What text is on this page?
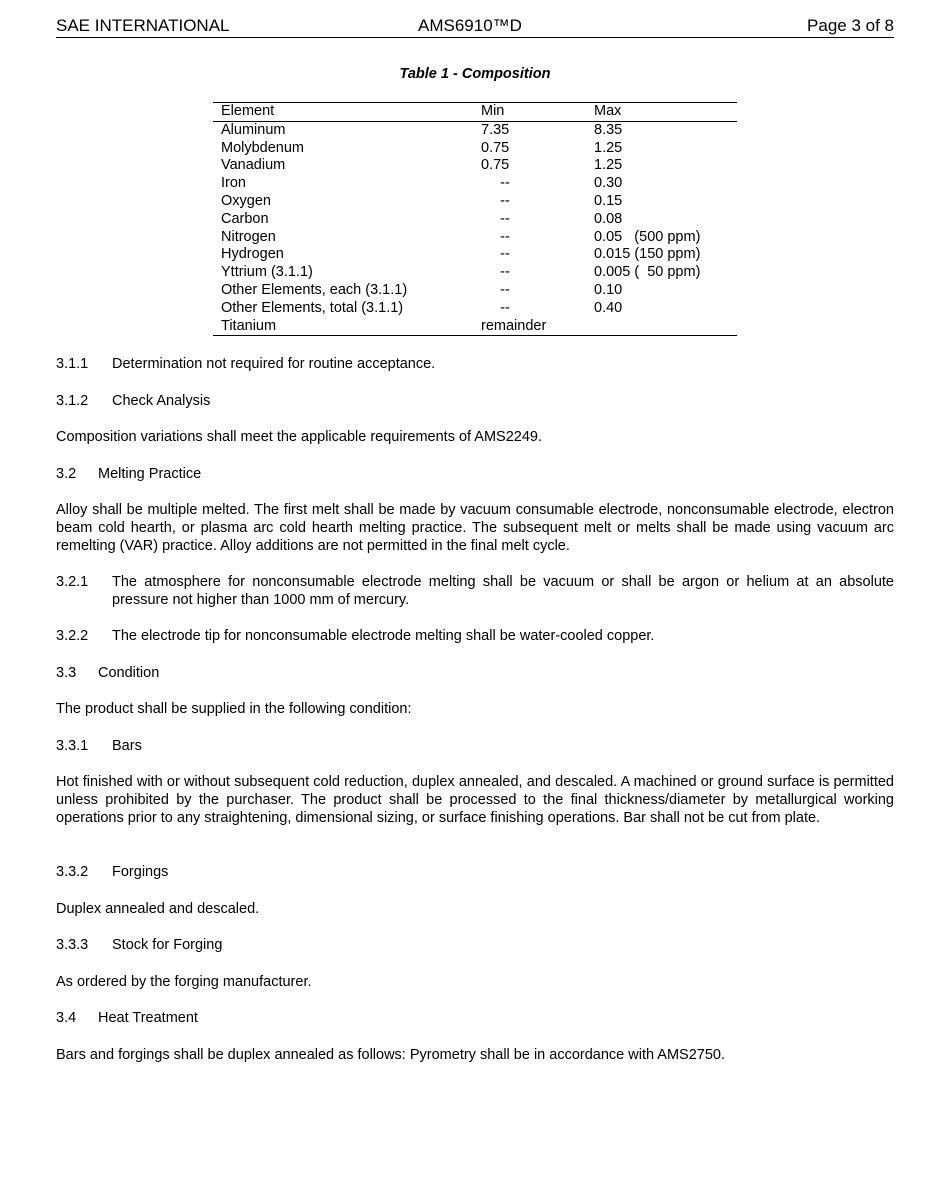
SAE INTERNATIONAL	AMS6910™D	Page 3 of 8
Table 1 - Composition
Element	Min	Max
Aluminum	7.35	8.35
Molybdenum	0.75	1.25
Vanadium	0.75	1.25
Iron	--	0.30
Oxygen	--	0.15
Carbon	--	0.08
Nitrogen	--	0.05   (500 ppm)
Hydrogen	--	0.015 (150 ppm)
Yttrium (3.1.1)	--	0.005 (  50 ppm)
Other Elements, each (3.1.1)	--	0.10
Other Elements, total (3.1.1)	--	0.40
Titanium	remainder
3.1.1 Determination not required for routine acceptance.
3.1.2 Check Analysis

Composition variations shall meet the applicable requirements of AMS2249.

3.2 Melting Practice

Alloy shall be multiple melted. The first melt shall be made by vacuum consumable electrode, nonconsumable electrode, electron beam cold hearth, or plasma arc cold hearth melting practice. The subsequent melt or melts shall be made using vacuum arc remelting (VAR) practice. Alloy additions are not permitted in the final melt cycle.

3.2.1 The atmosphere for nonconsumable electrode melting shall be vacuum or shall be argon or helium at an absolute pressure not higher than 1000 mm of mercury.

3.2.2 The electrode tip for nonconsumable electrode melting shall be water-cooled copper.
3.3 Condition

The product shall be supplied in the following condition:

3.3.1 Bars

Hot finished with or without subsequent cold reduction, duplex annealed, and descaled. A machined or ground surface is permitted unless prohibited by the purchaser. The product shall be processed to the final thickness/diameter by metallurgical working operations prior to any straightening, dimensional sizing, or surface finishing operations. Bar shall not be cut from plate.

3.3.2 Forgings

Duplex annealed and descaled.

3.3.3 Stock for Forging

As ordered by the forging manufacturer.

3.4 Heat Treatment

Bars and forgings shall be duplex annealed as follows: Pyrometry shall be in accordance with AMS2750.
